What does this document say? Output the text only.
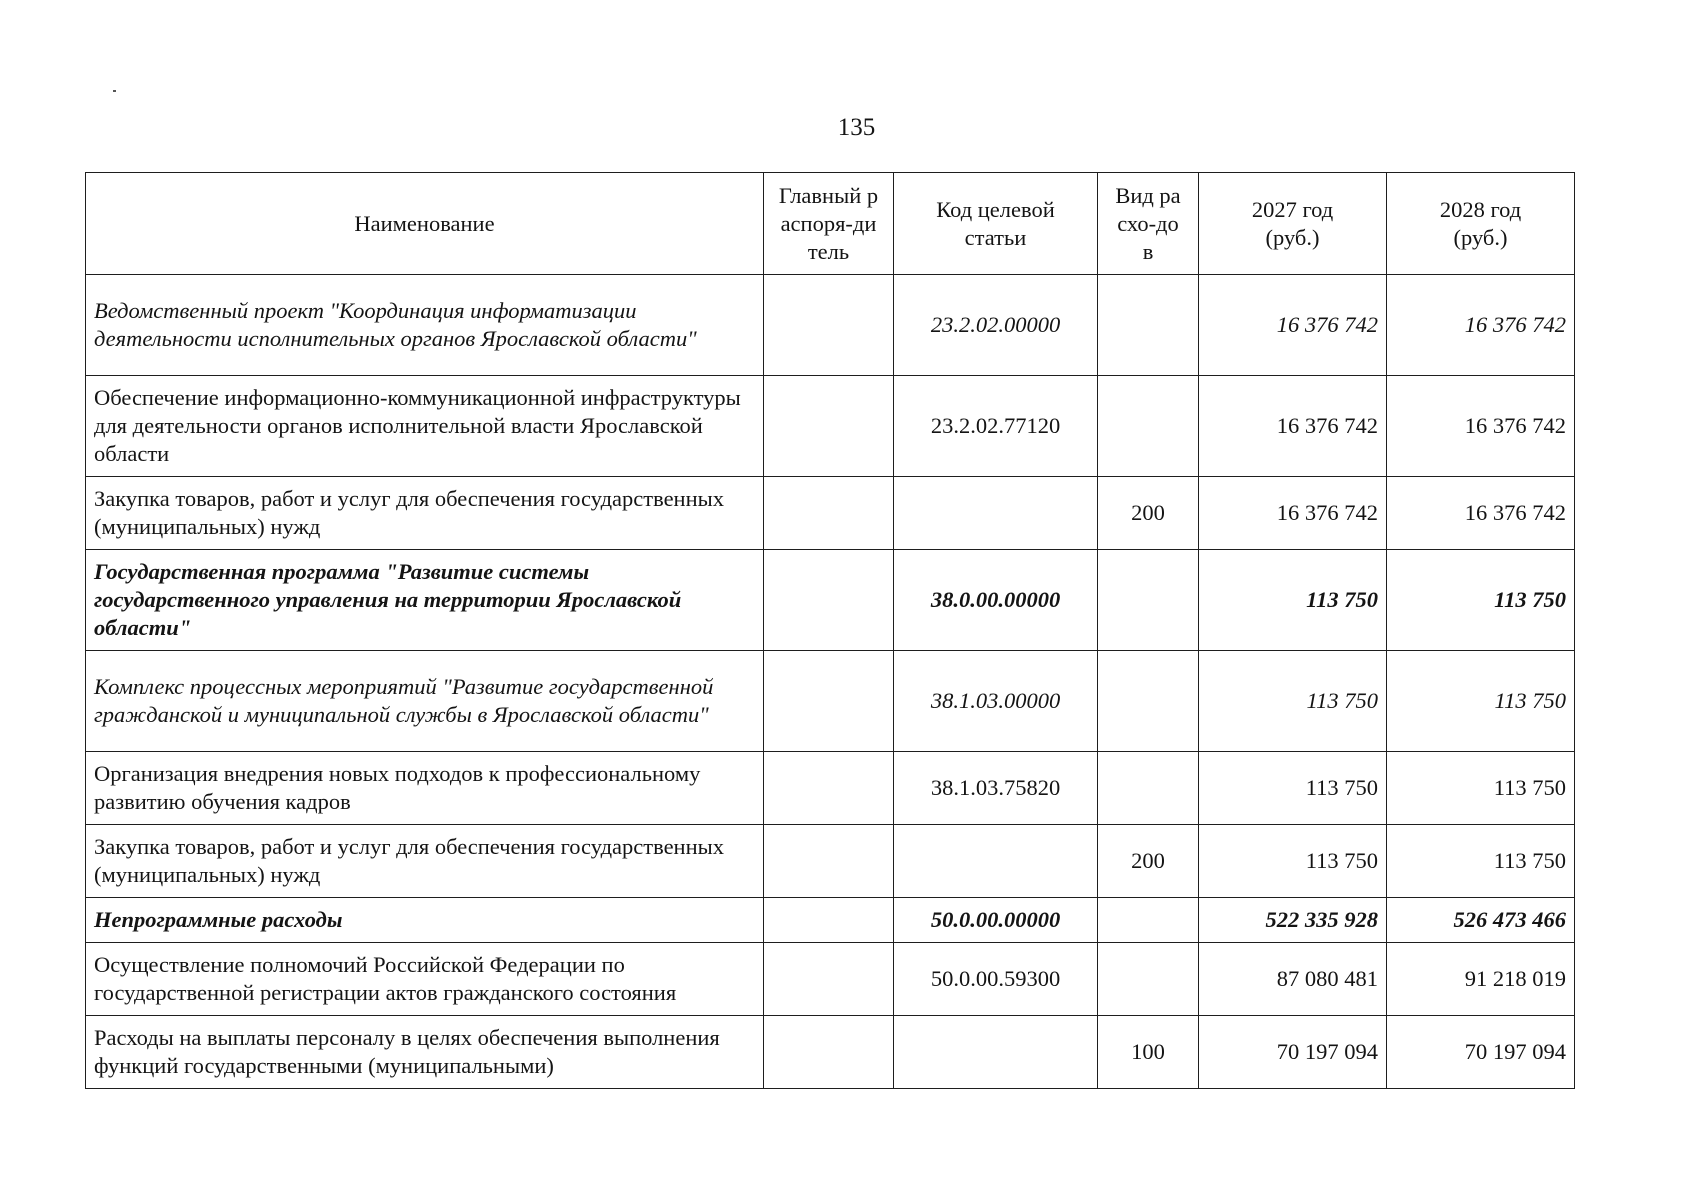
135
Наименование	Главный распоря-дитель	Код целевой статьи	Вид расхо-дов	2027 год (руб.)	2028 год (руб.)
Ведомственный проект "Координация информатизации деятельности исполнительных органов Ярославской области"		23.2.02.00000		16 376 742	16 376 742
Обеспечение информационно-коммуникационной инфраструктуры для деятельности органов исполнительной власти Ярославской области		23.2.02.77120		16 376 742	16 376 742
Закупка товаров, работ и услуг для обеспечения государственных (муниципальных) нужд			200	16 376 742	16 376 742
Государственная программа "Развитие системы государственного управления на территории Ярославской области"		38.0.00.00000		113 750	113 750
Комплекс процессных мероприятий "Развитие государственной гражданской и муниципальной службы в Ярославской области"		38.1.03.00000		113 750	113 750
Организация внедрения новых подходов к профессиональному развитию обучения кадров		38.1.03.75820		113 750	113 750
Закупка товаров, работ и услуг для обеспечения государственных (муниципальных) нужд			200	113 750	113 750
Непрограммные расходы		50.0.00.00000		522 335 928	526 473 466
Осуществление полномочий Российской Федерации по государственной регистрации актов гражданского состояния		50.0.00.59300		87 080 481	91 218 019
Расходы на выплаты персоналу в целях обеспечения выполнения функций государственными (муниципальными)			100	70 197 094	70 197 094
